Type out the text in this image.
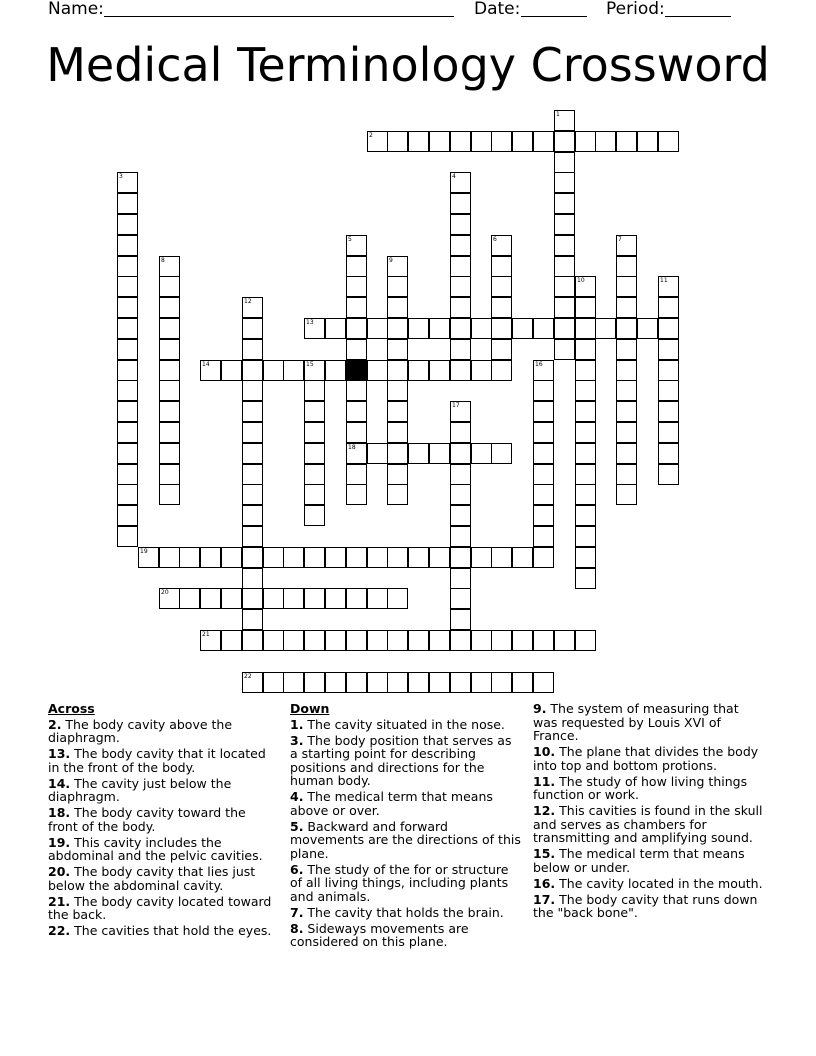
Name:	Date:	Period:
Medical Terminology Crossword
1
2
3	4
5
18
6	7
8	9
10	11
12
13
14	15	16
17
19
20
21
22
Across
2. The body cavity above the diaphragm.
13. The body cavity that it located in the front of the body.
14. The cavity just below the diaphragm.
18. The body cavity toward the front of the body.
19. This cavity includes the abdominal and the pelvic cavities.
20. The body cavity that lies just below the abdominal cavity.
21. The body cavity located toward the back.
22. The cavities that hold the eyes.
Down
1. The cavity situated in the nose.
3. The body position that serves as a starting point for describing positions and directions for the human body.
4. The medical term that means above or over.
5. Backward and forward movements are the directions of this plane.
6. The study of the for or structure of all living things, including plants and animals.
7. The cavity that holds the brain.
8. Sideways movements are considered on this plane.
9. The system of measuring that was requested by Louis XVI of France.
10. The plane that divides the body into top and bottom protions.
11. The study of how living things function or work.
12. This cavities is found in the skull and serves as chambers for transmitting and amplifying sound.
15. The medical term that means below or under.
16. The cavity located in the mouth.
17. The body cavity that runs down the "back bone".
